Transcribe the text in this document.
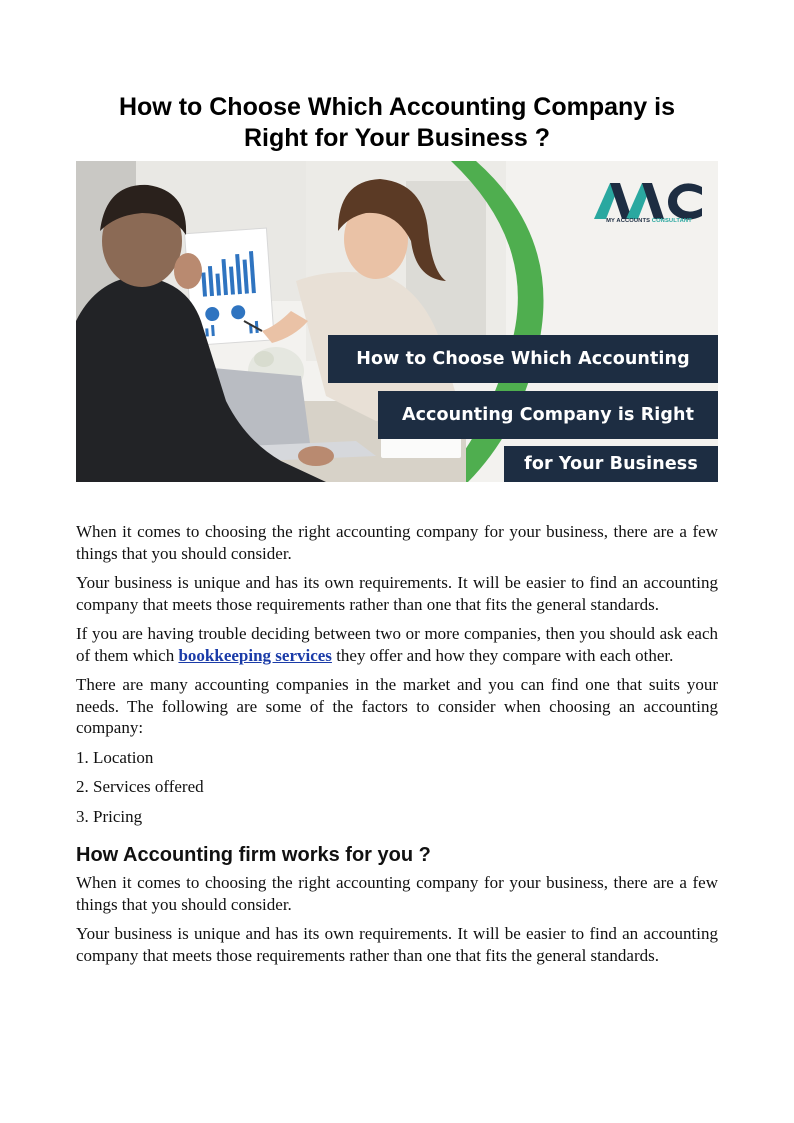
How to Choose Which Accounting Company is
Right for Your Business ?
MY ACCOUNTS CONSULTANT
How to Choose Which Accounting
Accounting Company is Right
for Your Business

When it comes to choosing the right accounting company for your business, there are a few things that you should consider.

Your business is unique and has its own requirements. It will be easier to find an accounting company that meets those requirements rather than one that fits the general standards.

If you are having trouble deciding between two or more companies, then you should ask each of them which bookkeeping services they offer and how they compare with each other.

There are many accounting companies in the market and you can find one that suits your needs. The following are some of the factors to consider when choosing an accounting company:

1. Location

2. Services offered

3. Pricing

How Accounting firm works for you ?

When it comes to choosing the right accounting company for your business, there are a few things that you should consider.

Your business is unique and has its own requirements. It will be easier to find an accounting company that meets those requirements rather than one that fits the general standards.
